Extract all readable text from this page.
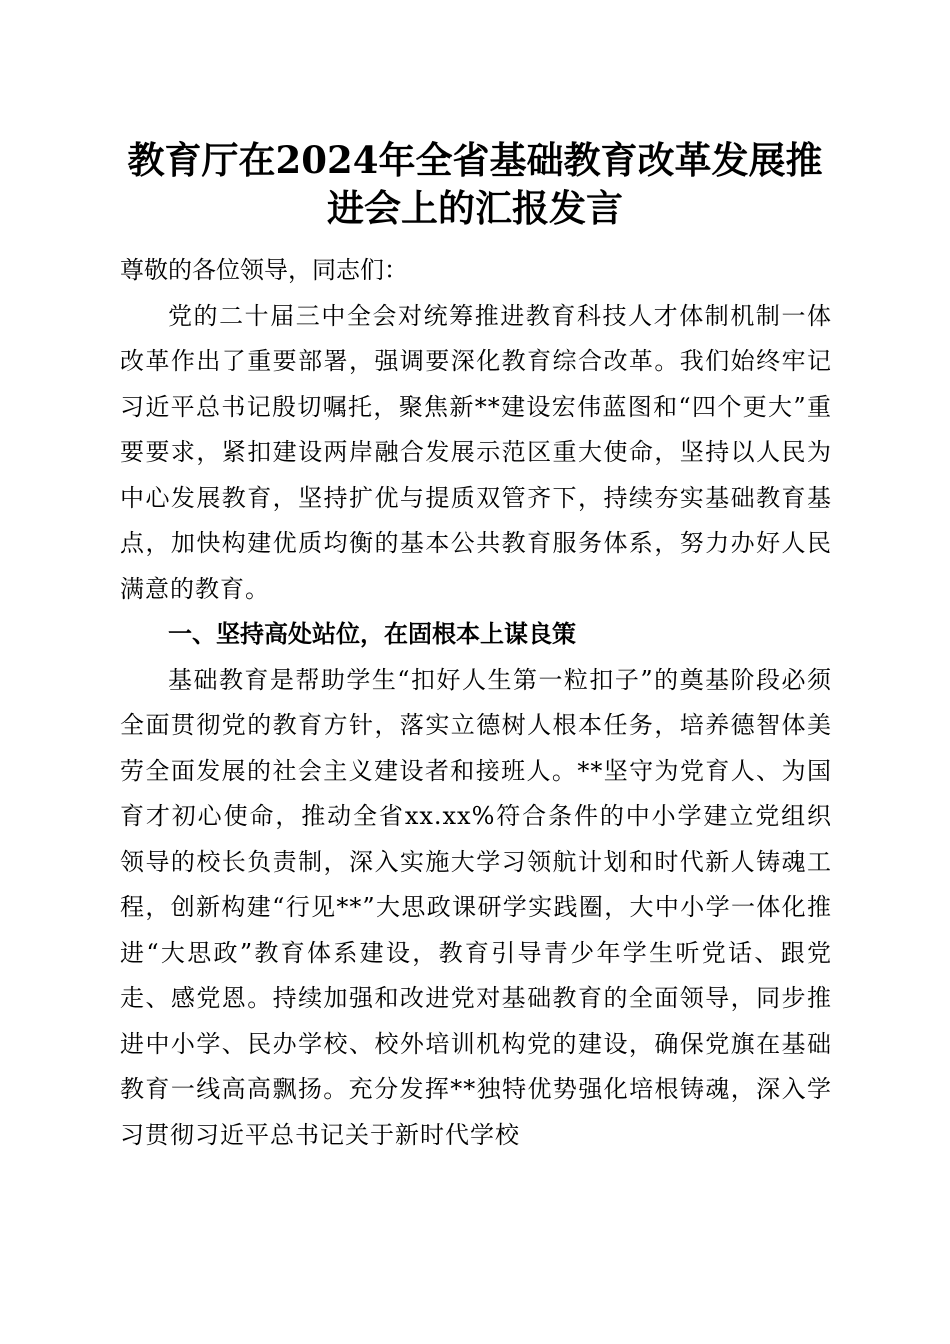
教育厅在2024年全省基础教育改革发展推进会上的汇报发言

尊敬的各位领导，同志们：

党的二十届三中全会对统筹推进教育科技人才体制机制一体改革作出了重要部署，强调要深化教育综合改革。我们始终牢记习近平总书记殷切嘱托，聚焦新**建设宏伟蓝图和“四个更大”重要要求，紧扣建设两岸融合发展示范区重大使命，坚持以人民为中心发展教育，坚持扩优与提质双管齐下，持续夯实基础教育基点，加快构建优质均衡的基本公共教育服务体系，努力办好人民满意的教育。

一、坚持高处站位，在固根本上谋良策

基础教育是帮助学生“扣好人生第一粒扣子”的奠基阶段必须全面贯彻党的教育方针，落实立德树人根本任务，培养德智体美劳全面发展的社会主义建设者和接班人。**坚守为党育人、为国育才初心使命，推动全省xx.xx%符合条件的中小学建立党组织领导的校长负责制，深入实施大学习领航计划和时代新人铸魂工程，创新构建“行见**”大思政课研学实践圈，大中小学一体化推进“大思政”教育体系建设，教育引导青少年学生听党话、跟党走、感党恩。持续加强和改进党对基础教育的全面领导，同步推进中小学、民办学校、校外培训机构党的建设，确保党旗在基础教育一线高高飘扬。充分发挥**独特优势强化培根铸魂，深入学习贯彻习近平总书记关于新时代学校
